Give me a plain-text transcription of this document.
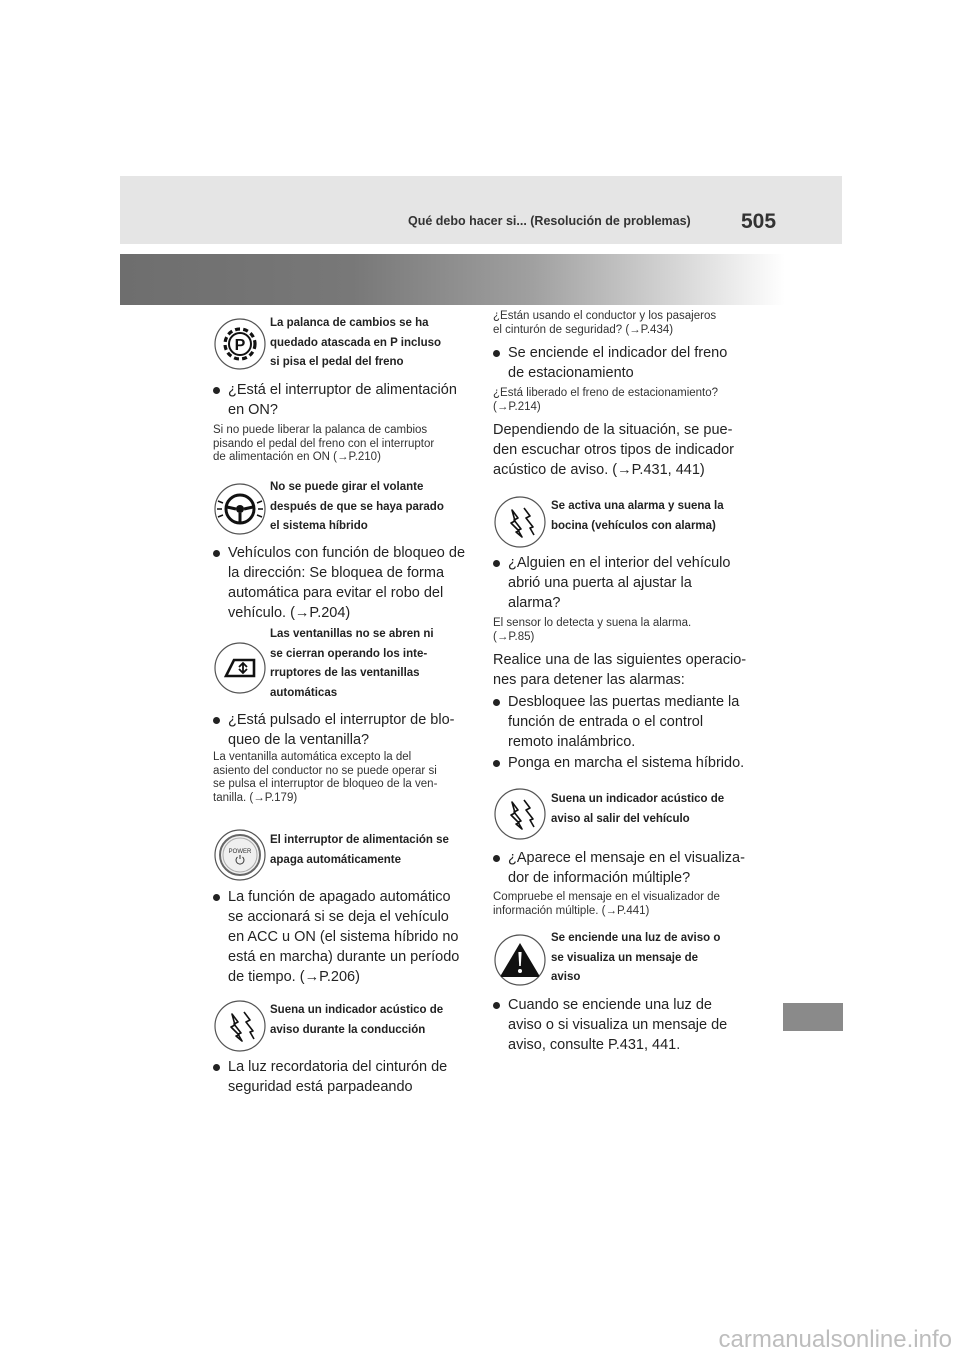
Qué debo hacer si... (Resolución de problemas) 505
P
La palanca de cambios se ha
quedado atascada en P incluso
si pisa el pedal del freno
¿Está el interruptor de alimentación
en ON?
Si no puede liberar la palanca de cambios
pisando el pedal del freno con el interruptor
de alimentación en ON (→P.210)
No se puede girar el volante
después de que se haya parado
el sistema híbrido
Vehículos con función de bloqueo de
la dirección: Se bloquea de forma
automática para evitar el robo del
vehículo. (→P.204)
Las ventanillas no se abren ni
se cierran operando los inte-
rruptores de las ventanillas
automáticas
¿Está pulsado el interruptor de blo-
queo de la ventanilla?
La ventanilla automática excepto la del
asiento del conductor no se puede operar si
se pulsa el interruptor de bloqueo de la ven-
tanilla. (→P.179)
POWER
El interruptor de alimentación se
apaga automáticamente
La función de apagado automático
se accionará si se deja el vehículo
en ACC u ON (el sistema híbrido no
está en marcha) durante un período
de tiempo. (→P.206)
Suena un indicador acústico de
aviso durante la conducción
La luz recordatoria del cinturón de
seguridad está parpadeando
¿Están usando el conductor y los pasajeros
el cinturón de seguridad? (→P.434)
Se enciende el indicador del freno
de estacionamiento
¿Está liberado el freno de estacionamiento?
(→P.214)
Dependiendo de la situación, se pue-
den escuchar otros tipos de indicador
acústico de aviso. (→P.431, 441)
Se activa una alarma y suena la
bocina (vehículos con alarma)
¿Alguien en el interior del vehículo
abrió una puerta al ajustar la
alarma?
El sensor lo detecta y suena la alarma.
(→P.85)
Realice una de las siguientes operacio-
nes para detener las alarmas:
Desbloquee las puertas mediante la
función de entrada o el control
remoto inalámbrico.
Ponga en marcha el sistema híbrido.
Suena un indicador acústico de
aviso al salir del vehículo
¿Aparece el mensaje en el visualiza-
dor de información múltiple?
Compruebe el mensaje en el visualizador de
información múltiple. (→P.441)
Se enciende una luz de aviso o
se visualiza un mensaje de
aviso
Cuando se enciende una luz de
aviso o si visualiza un mensaje de
aviso, consulte P.431, 441.
carmanualsonline.info
